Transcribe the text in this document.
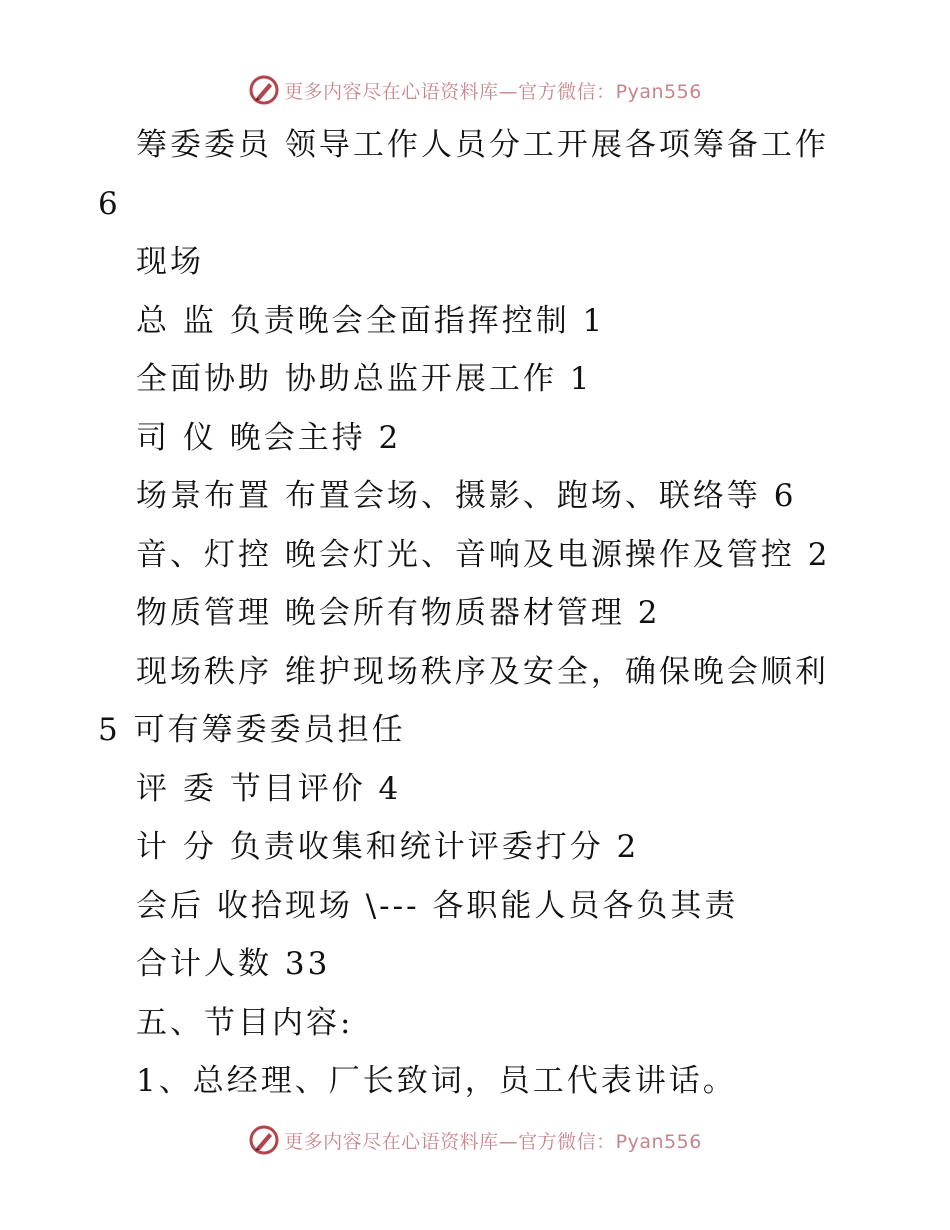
更多内容尽在心语资料库—官方微信：Pyan556
筹委委员 领导工作人员分工开展各项筹备工作
6
现场
总 监 负责晚会全面指挥控制 1
全面协助 协助总监开展工作 1
司 仪 晚会主持 2
场景布置 布置会场、摄影、跑场、联络等 6
音、灯控 晚会灯光、音响及电源操作及管控 2
物质管理 晚会所有物质器材管理 2
现场秩序 维护现场秩序及安全，确保晚会顺利
5 可有筹委委员担任
评 委 节目评价 4
计 分 负责收集和统计评委打分 2
会后 收拾现场 \--- 各职能人员各负其责
合计人数 33
五、节目内容:
1、总经理、厂长致词，员工代表讲话。
更多内容尽在心语资料库—官方微信：Pyan556
